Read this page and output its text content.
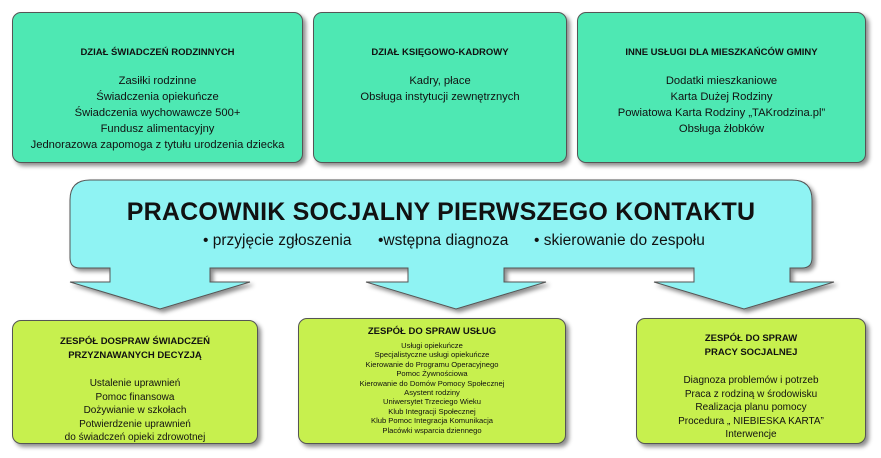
PRACOWNIK SOCJALNY PIERWSZEGO KONTAKTU
• przyjęcie zgłoszenia •wstępna diagnoza • skierowanie do zespołu
DZIAŁ ŚWIADCZEŃ RODZINNYCH
Zasiłki rodzinne
Świadczenia opiekuńcze
Świadczenia wychowawcze 500+
Fundusz alimentacyjny
Jednorazowa zapomoga z tytułu urodzenia dziecka
DZIAŁ KSIĘGOWO-KADROWY
Kadry, płace
Obsługa instytucji zewnętrznych
INNE USŁUGI DLA MIESZKAŃCÓW GMINY
Dodatki mieszkaniowe
Karta Dużej Rodziny
Powiatowa Karta Rodziny „TAKrodzina.pl”
Obsługa żłobków
ZESPÓŁ DOSPRAW ŚWIADCZEŃ
PRZYZNAWANYCH DECYZJĄ
Ustalenie uprawnień
Pomoc finansowa
Dożywianie w szkołach
Potwierdzenie uprawnień
do świadczeń opieki zdrowotnej
ZESPÓŁ DO SPRAW USŁUG
Usługi opiekuńcze
Specjalistyczne usługi opiekuńcze
Kierowanie do Programu Operacyjnego
Pomoc Żywnościowa
Kierowanie do Domów Pomocy Społecznej
Asystent rodziny
Uniwersytet Trzeciego Wieku
Klub Integracji Społecznej
Klub Pomoc Integracja Komunikacja
Placówki wsparcia dziennego
ZESPÓŁ DO SPRAW
PRACY SOCJALNEJ
Diagnoza problemów i potrzeb
Praca z rodziną w środowisku
Realizacja planu pomocy
Procedura „ NIEBIESKA KARTA”
Interwencje
